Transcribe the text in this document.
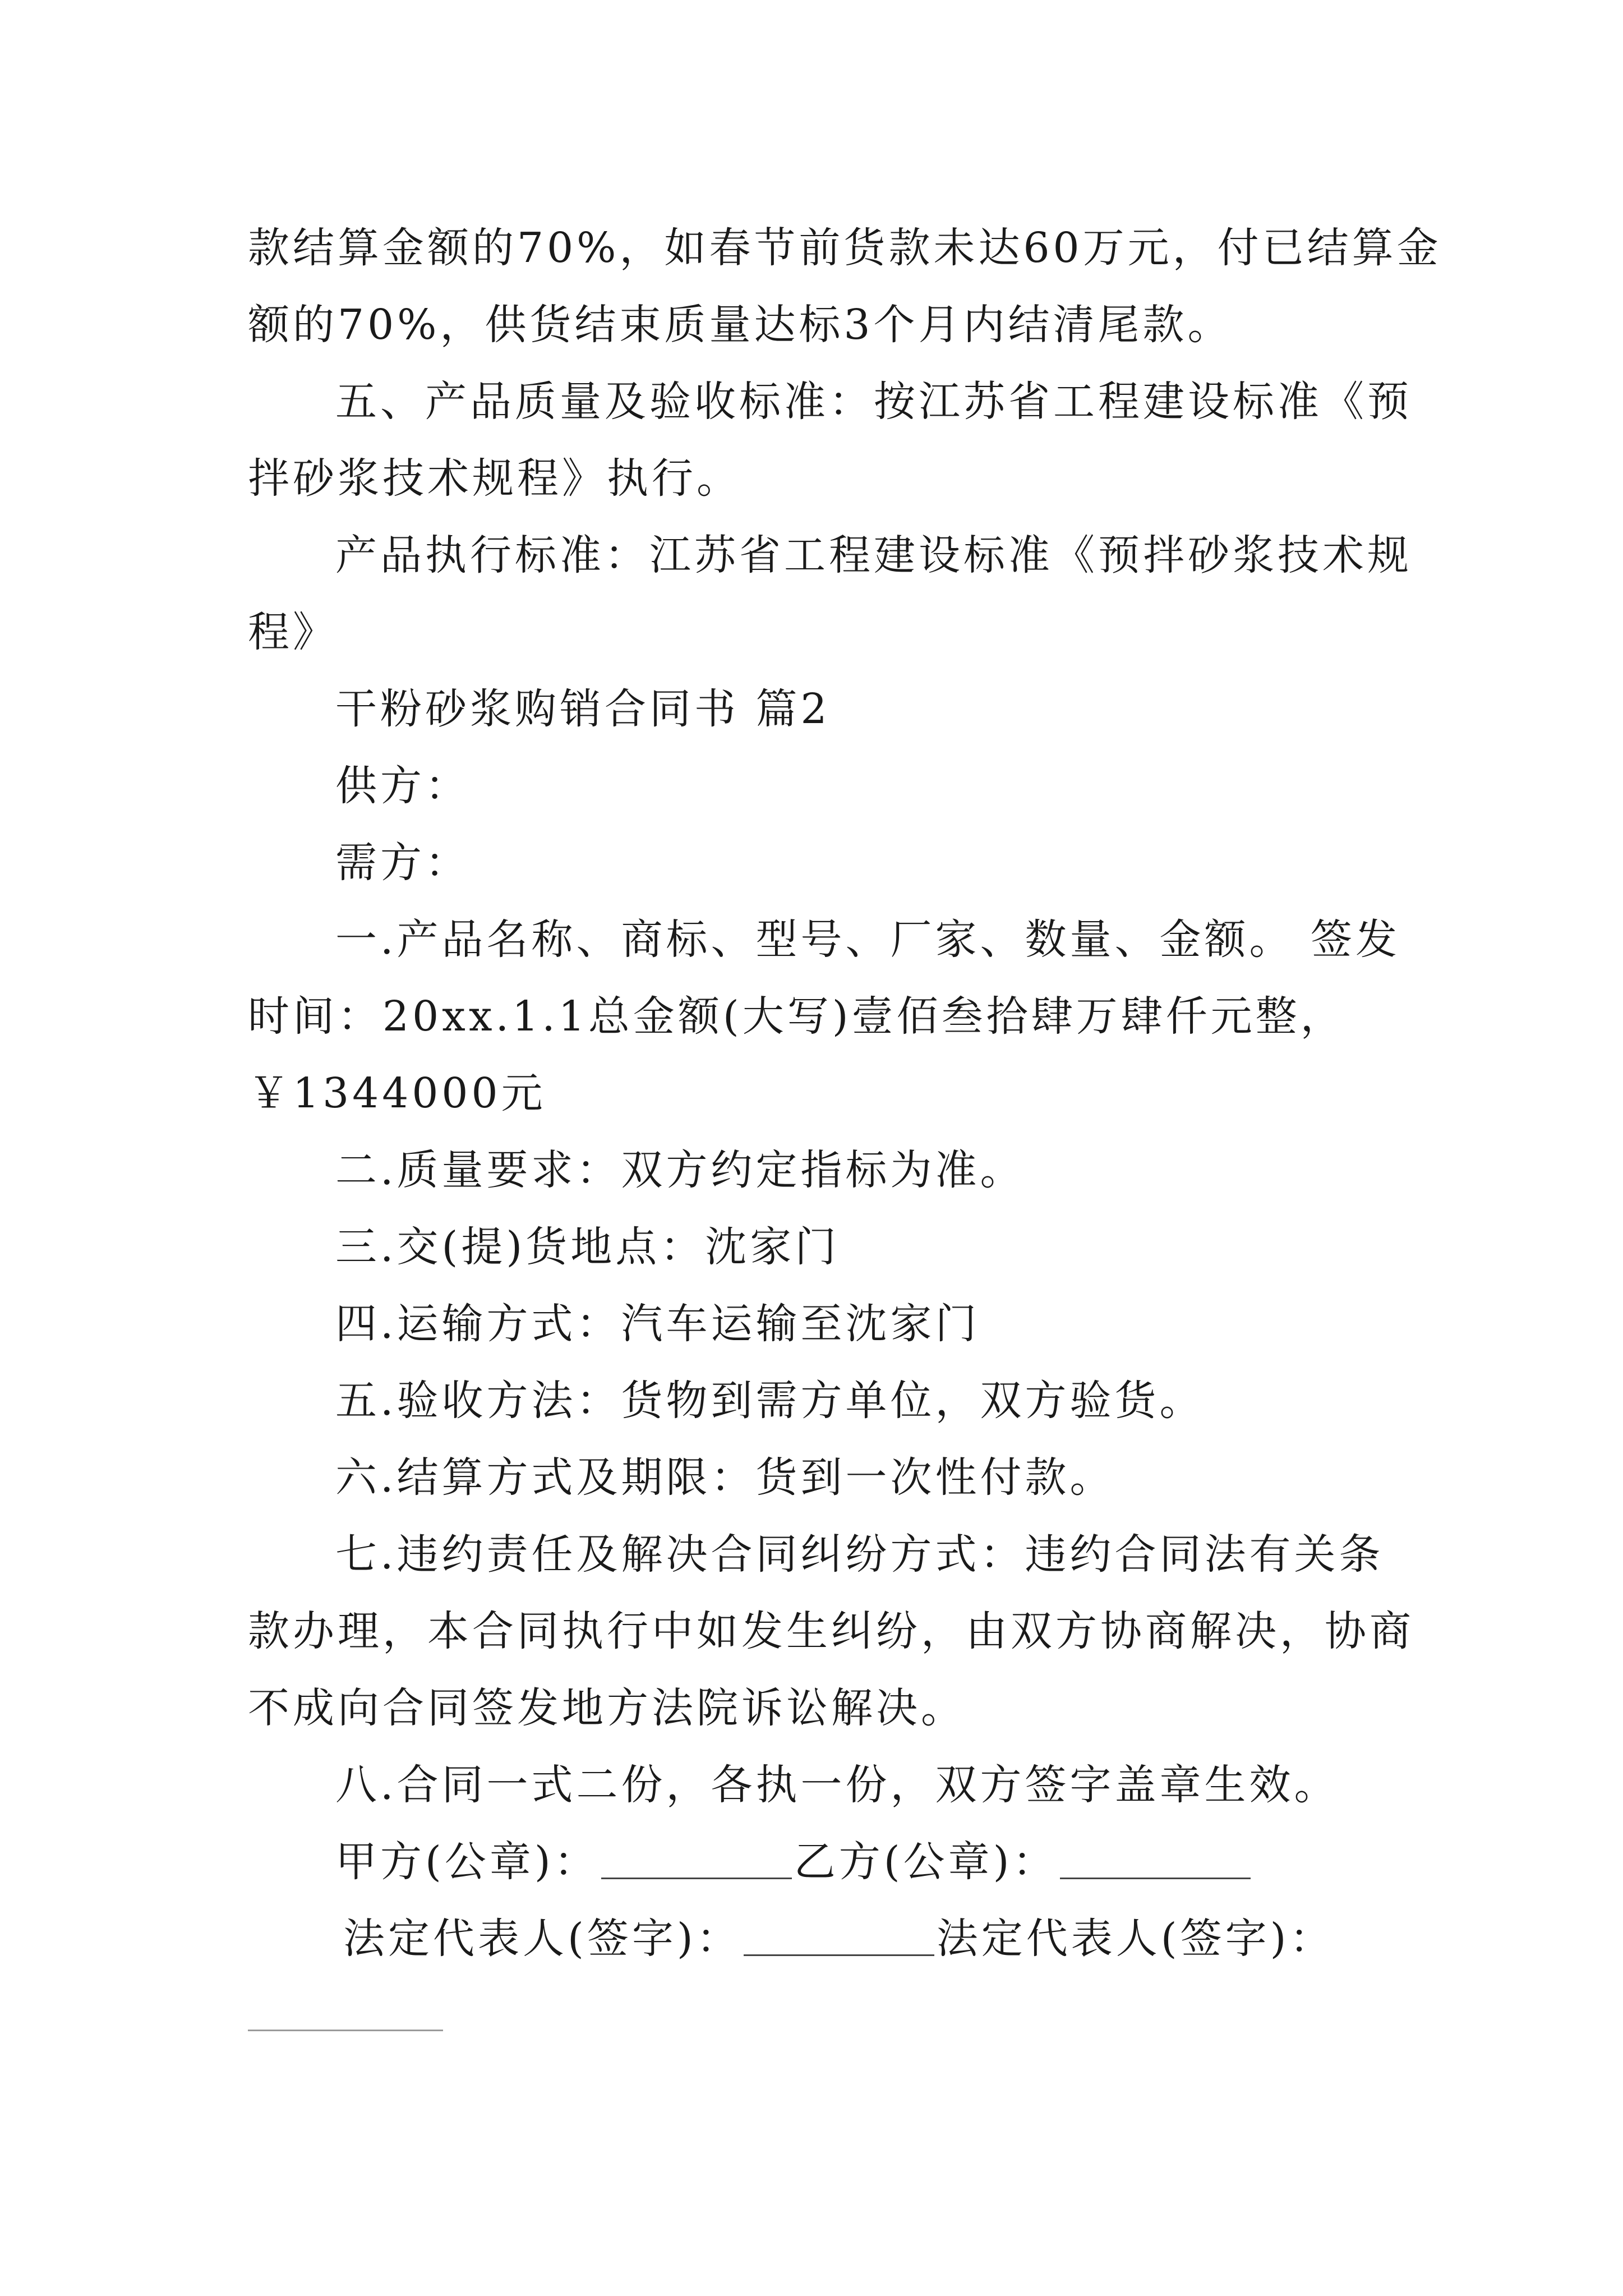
款结算金额的70%，如春节前货款未达60万元，付已结算金
额的70%，供货结束质量达标3个月内结清尾款。
五、产品质量及验收标准：按江苏省工程建设标准《预
拌砂浆技术规程》执行。
产品执行标准：江苏省工程建设标准《预拌砂浆技术规
程》
干粉砂浆购销合同书 篇2
供方：
需方：
一.产品名称、商标、型号、厂家、数量、金额。 签发
时间：20xx.1.1总金额(大写)壹佰叁拾肆万肆仟元整，
￥1344000元
二.质量要求：双方约定指标为准。
三.交(提)货地点：沈家门
四.运输方式：汽车运输至沈家门
五.验收方法：货物到需方单位，双方验货。
六.结算方式及期限：货到一次性付款。
七.违约责任及解决合同纠纷方式：违约合同法有关条
款办理，本合同执行中如发生纠纷，由双方协商解决，协商
不成向合同签发地方法院诉讼解决。
八.合同一式二份，各执一份，双方签字盖章生效。
甲方(公章)：	乙方(公章)：
法定代表人(签字)：	法定代表人(签字)：
